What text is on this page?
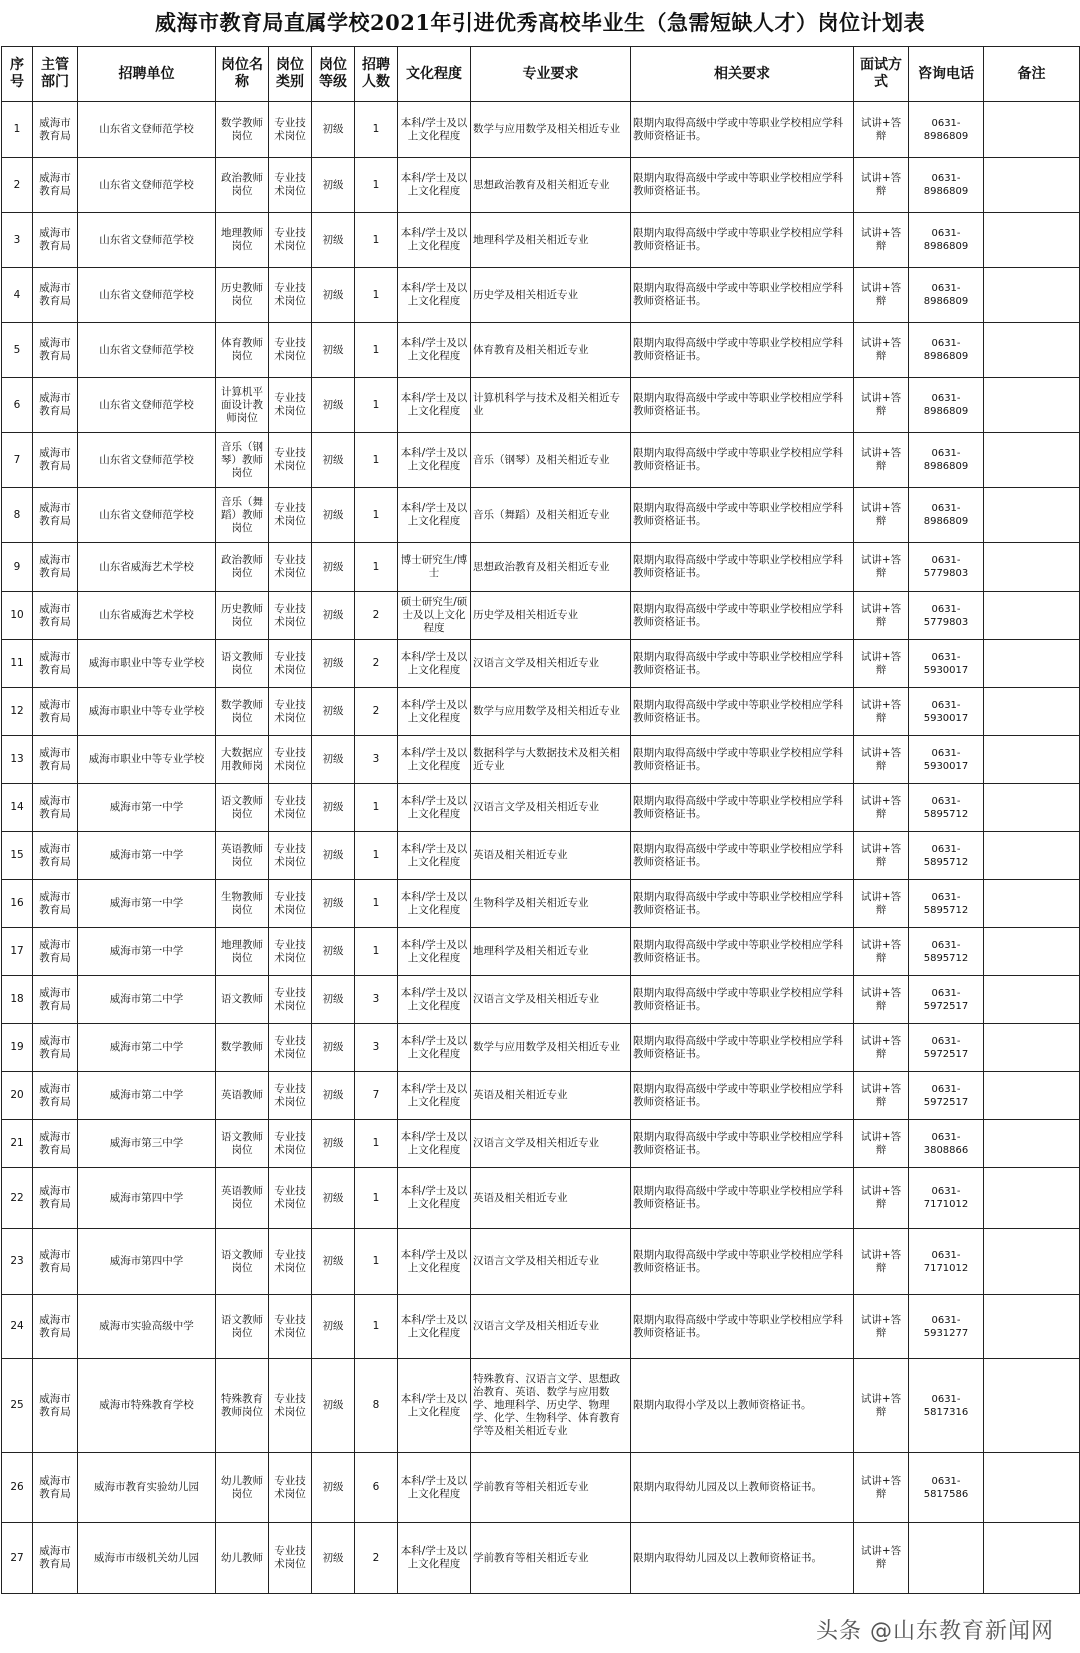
威海市教育局直属学校2021年引进优秀高校毕业生（急需短缺人才）岗位计划表
序号	主管部门	招聘单位	岗位名称	岗位类别	岗位等级	招聘人数	文化程度	专业要求	相关要求	面试方式	咨询电话	备注
1	威海市教育局	山东省文登师范学校	数学教师岗位	专业技术岗位	初级	1	本科/学士及以上文化程度	数学与应用数学及相关相近专业	限期内取得高级中学或中等职业学校相应学科教师资格证书。	试讲+答辩	0631-8986809	
2	威海市教育局	山东省文登师范学校	政治教师岗位	专业技术岗位	初级	1	本科/学士及以上文化程度	思想政治教育及相关相近专业	限期内取得高级中学或中等职业学校相应学科教师资格证书。	试讲+答辩	0631-8986809	
3	威海市教育局	山东省文登师范学校	地理教师岗位	专业技术岗位	初级	1	本科/学士及以上文化程度	地理科学及相关相近专业	限期内取得高级中学或中等职业学校相应学科教师资格证书。	试讲+答辩	0631-8986809	
4	威海市教育局	山东省文登师范学校	历史教师岗位	专业技术岗位	初级	1	本科/学士及以上文化程度	历史学及相关相近专业	限期内取得高级中学或中等职业学校相应学科教师资格证书。	试讲+答辩	0631-8986809	
5	威海市教育局	山东省文登师范学校	体育教师岗位	专业技术岗位	初级	1	本科/学士及以上文化程度	体育教育及相关相近专业	限期内取得高级中学或中等职业学校相应学科教师资格证书。	试讲+答辩	0631-8986809	
6	威海市教育局	山东省文登师范学校	计算机平面设计教师岗位	专业技术岗位	初级	1	本科/学士及以上文化程度	计算机科学与技术及相关相近专业	限期内取得高级中学或中等职业学校相应学科教师资格证书。	试讲+答辩	0631-8986809	
7	威海市教育局	山东省文登师范学校	音乐（钢琴）教师岗位	专业技术岗位	初级	1	本科/学士及以上文化程度	音乐（钢琴）及相关相近专业	限期内取得高级中学或中等职业学校相应学科教师资格证书。	试讲+答辩	0631-8986809	
8	威海市教育局	山东省文登师范学校	音乐（舞蹈）教师岗位	专业技术岗位	初级	1	本科/学士及以上文化程度	音乐（舞蹈）及相关相近专业	限期内取得高级中学或中等职业学校相应学科教师资格证书。	试讲+答辩	0631-8986809	
9	威海市教育局	山东省威海艺术学校	政治教师岗位	专业技术岗位	初级	1	博士研究生/博士	思想政治教育及相关相近专业	限期内取得高级中学或中等职业学校相应学科教师资格证书。	试讲+答辩	0631-5779803	
10	威海市教育局	山东省威海艺术学校	历史教师岗位	专业技术岗位	初级	2	硕士研究生/硕士及以上文化程度	历史学及相关相近专业	限期内取得高级中学或中等职业学校相应学科教师资格证书。	试讲+答辩	0631-5779803	
11	威海市教育局	威海市职业中等专业学校	语文教师岗位	专业技术岗位	初级	2	本科/学士及以上文化程度	汉语言文学及相关相近专业	限期内取得高级中学或中等职业学校相应学科教师资格证书。	试讲+答辩	0631-5930017	
12	威海市教育局	威海市职业中等专业学校	数学教师岗位	专业技术岗位	初级	2	本科/学士及以上文化程度	数学与应用数学及相关相近专业	限期内取得高级中学或中等职业学校相应学科教师资格证书。	试讲+答辩	0631-5930017	
13	威海市教育局	威海市职业中等专业学校	大数据应用教师岗	专业技术岗位	初级	3	本科/学士及以上文化程度	数据科学与大数据技术及相关相近专业	限期内取得高级中学或中等职业学校相应学科教师资格证书。	试讲+答辩	0631-5930017	
14	威海市教育局	威海市第一中学	语文教师岗位	专业技术岗位	初级	1	本科/学士及以上文化程度	汉语言文学及相关相近专业	限期内取得高级中学或中等职业学校相应学科教师资格证书。	试讲+答辩	0631-5895712	
15	威海市教育局	威海市第一中学	英语教师岗位	专业技术岗位	初级	1	本科/学士及以上文化程度	英语及相关相近专业	限期内取得高级中学或中等职业学校相应学科教师资格证书。	试讲+答辩	0631-5895712	
16	威海市教育局	威海市第一中学	生物教师岗位	专业技术岗位	初级	1	本科/学士及以上文化程度	生物科学及相关相近专业	限期内取得高级中学或中等职业学校相应学科教师资格证书。	试讲+答辩	0631-5895712	
17	威海市教育局	威海市第一中学	地理教师岗位	专业技术岗位	初级	1	本科/学士及以上文化程度	地理科学及相关相近专业	限期内取得高级中学或中等职业学校相应学科教师资格证书。	试讲+答辩	0631-5895712	
18	威海市教育局	威海市第二中学	语文教师	专业技术岗位	初级	3	本科/学士及以上文化程度	汉语言文学及相关相近专业	限期内取得高级中学或中等职业学校相应学科教师资格证书。	试讲+答辩	0631-5972517	
19	威海市教育局	威海市第二中学	数学教师	专业技术岗位	初级	3	本科/学士及以上文化程度	数学与应用数学及相关相近专业	限期内取得高级中学或中等职业学校相应学科教师资格证书。	试讲+答辩	0631-5972517	
20	威海市教育局	威海市第二中学	英语教师	专业技术岗位	初级	7	本科/学士及以上文化程度	英语及相关相近专业	限期内取得高级中学或中等职业学校相应学科教师资格证书。	试讲+答辩	0631-5972517	
21	威海市教育局	威海市第三中学	语文教师岗位	专业技术岗位	初级	1	本科/学士及以上文化程度	汉语言文学及相关相近专业	限期内取得高级中学或中等职业学校相应学科教师资格证书。	试讲+答辩	0631-3808866	
22	威海市教育局	威海市第四中学	英语教师岗位	专业技术岗位	初级	1	本科/学士及以上文化程度	英语及相关相近专业	限期内取得高级中学或中等职业学校相应学科教师资格证书。	试讲+答辩	0631-7171012	
23	威海市教育局	威海市第四中学	语文教师岗位	专业技术岗位	初级	1	本科/学士及以上文化程度	汉语言文学及相关相近专业	限期内取得高级中学或中等职业学校相应学科教师资格证书。	试讲+答辩	0631-7171012	
24	威海市教育局	威海市实验高级中学	语文教师岗位	专业技术岗位	初级	1	本科/学士及以上文化程度	汉语言文学及相关相近专业	限期内取得高级中学或中等职业学校相应学科教师资格证书。	试讲+答辩	0631-5931277	
25	威海市教育局	威海市特殊教育学校	特殊教育教师岗位	专业技术岗位	初级	8	本科/学士及以上文化程度	特殊教育、汉语言文学、思想政治教育、英语、数学与应用数学、地理科学、历史学、物理学、化学、生物科学、体育教育学等及相关相近专业	限期内取得小学及以上教师资格证书。	试讲+答辩	0631-5817316	
26	威海市教育局	威海市教育实验幼儿园	幼儿教师岗位	专业技术岗位	初级	6	本科/学士及以上文化程度	学前教育等相关相近专业	限期内取得幼儿园及以上教师资格证书。	试讲+答辩	0631-5817586	
27	威海市教育局	威海市市级机关幼儿园	幼儿教师	专业技术岗位	初级	2	本科/学士及以上文化程度	学前教育等相关相近专业	限期内取得幼儿园及以上教师资格证书。	试讲+答辩		
头条 @山东教育新闻网
